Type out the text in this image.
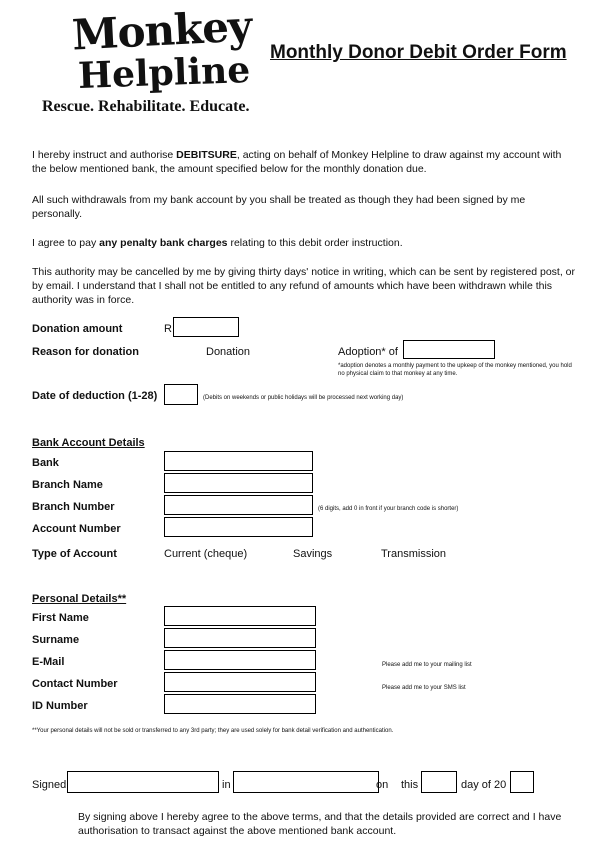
Monkey
Helpline
Rescue. Rehabilitate. Educate.
Monthly Donor Debit Order Form
I hereby instruct and authorise DEBITSURE, acting on behalf of Monkey Helpline to draw against my account with the below mentioned bank, the amount specified below for the monthly donation due.
All such withdrawals from my bank account by you shall be treated as though they had been signed by me personally.
I agree to pay any penalty bank charges relating to this debit order instruction.
This authority may be cancelled by me by giving thirty days' notice in writing, which can be sent by registered post, or by email. I understand that I shall not be entitled to any refund of amounts which have been withdrawn while this authority was in force.
Donation amount	R
Reason for donation	Donation	Adoption* of
*adoption denotes a monthly payment to the upkeep of the monkey mentioned, you hold no physical claim to that monkey at any time.
Date of deduction (1-28)	(Debits on weekends or public holidays will be processed next working day)
Bank Account Details
Bank
Branch Name
Branch Number	(6 digits, add 0 in front if your branch code is shorter)
Account Number
Type of Account	Current (cheque)	Savings	Transmission
Personal Details**
First Name
Surname
E-Mail	Please add me to your mailing list
Contact Number	Please add me to your SMS list
ID Number
**Your personal details will not be sold or transferred to any 3rd party; they are used solely for bank detail verification and authentication.
Signed	in	on this	day of 20
By signing above I hereby agree to the above terms, and that the details provided are correct and I have authorisation to transact against the above mentioned bank account.
